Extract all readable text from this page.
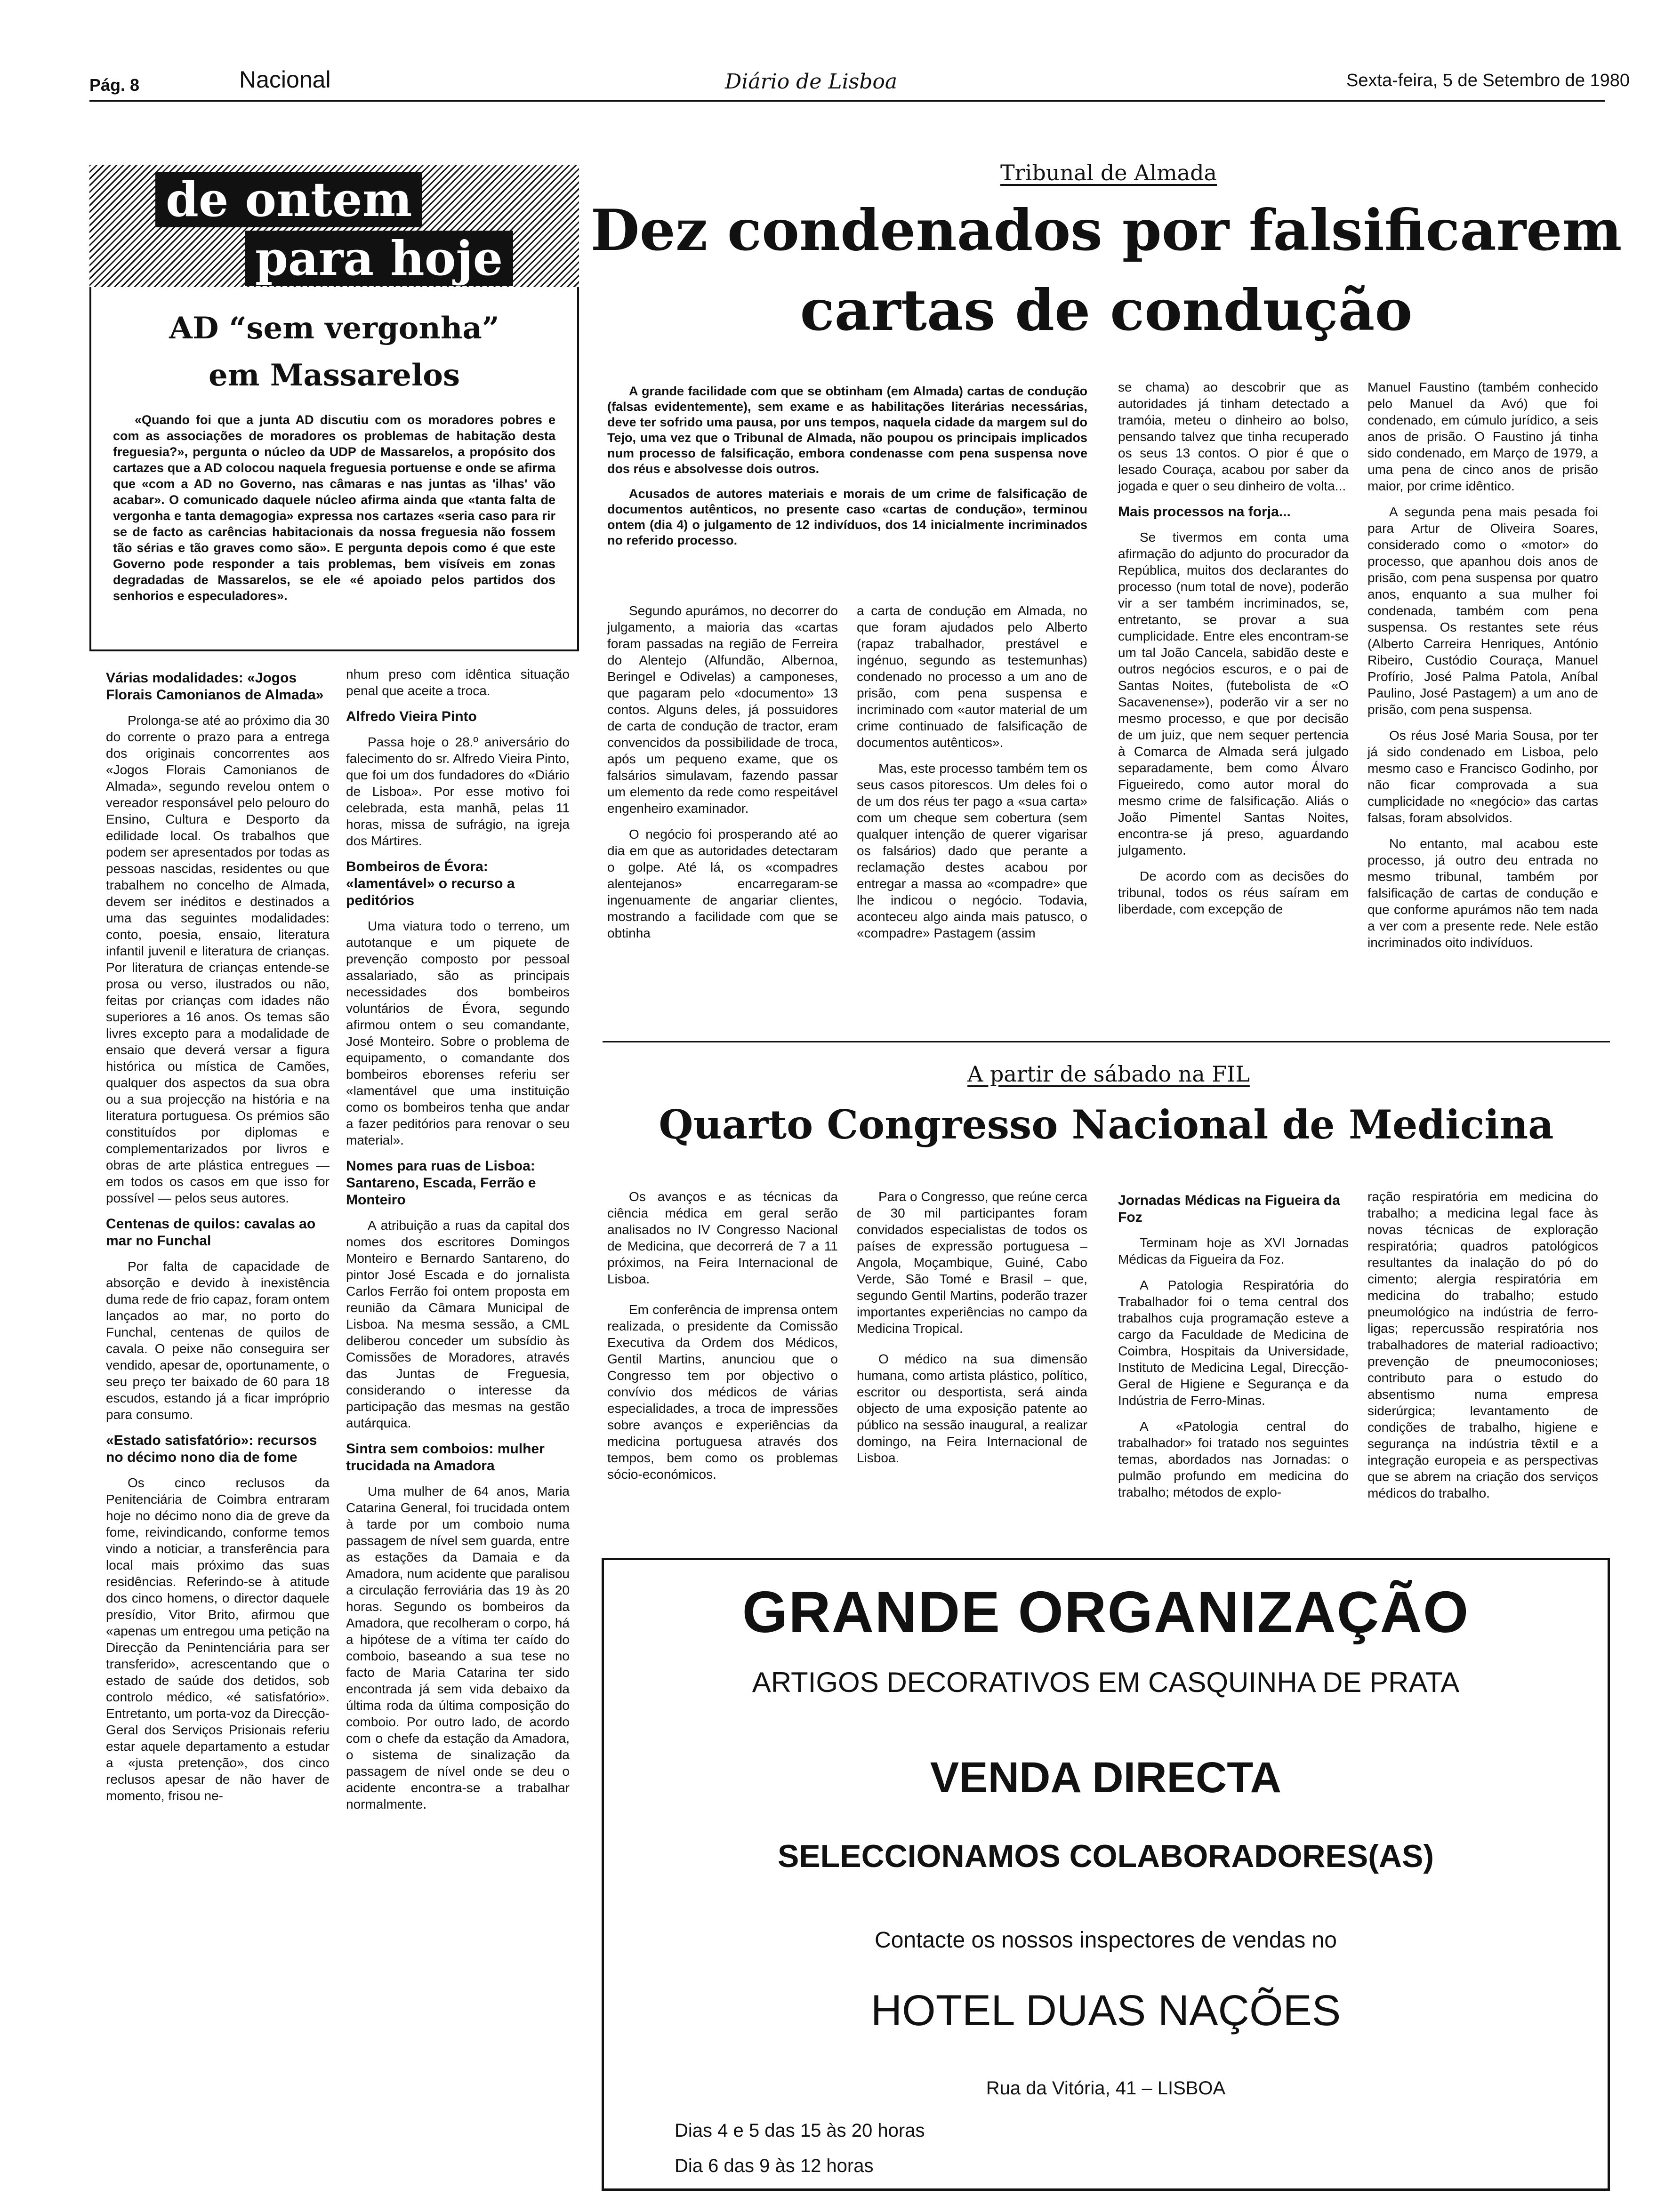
Pág. 8	Nacional	Diário de Lisboa	Sexta-feira, 5 de Setembro de 1980
de ontem
para hoje
AD “sem vergonha”
em Massarelos

«Quando foi que a junta AD discutiu com os moradores pobres e com as associações de moradores os problemas de habitação desta freguesia?», pergunta o núcleo da UDP de Massarelos, a propósito dos cartazes que a AD colocou naquela freguesia portuense e onde se afirma que «com a AD no Governo, nas câmaras e nas juntas as 'ilhas' vão acabar». O comunicado daquele núcleo afirma ainda que «tanta falta de vergonha e tanta demagogia» expressa nos cartazes «seria caso para rir se de facto as carências habitacionais da nossa freguesia não fossem tão sérias e tão graves como são». E pergunta depois como é que este Governo pode responder a tais problemas, bem visíveis em zonas degradadas de Massarelos, se ele «é apoiado pelos partidos dos senhorios e especuladores».

Várias modalidades: «Jogos Florais Camonianos de Almada»

Prolonga-se até ao próximo dia 30 do corrente o prazo para a entrega dos originais concorrentes aos «Jogos Florais Camonianos de Almada», segundo revelou ontem o vereador responsável pelo pelouro do Ensino, Cultura e Desporto da edilidade local. Os trabalhos que podem ser apresentados por todas as pessoas nascidas, residentes ou que trabalhem no concelho de Almada, devem ser inéditos e destinados a uma das seguintes modalidades: conto, poesia, ensaio, literatura infantil juvenil e literatura de crianças. Por literatura de crianças entende-se prosa ou verso, ilustrados ou não, feitas por crianças com idades não superiores a 16 anos. Os temas são livres excepto para a modalidade de ensaio que deverá versar a figura histórica ou mística de Camões, qualquer dos aspectos da sua obra ou a sua projecção na história e na literatura portuguesa. Os prémios são constituídos por diplomas e complementarizados por livros e obras de arte plástica entregues — em todos os casos em que isso for possível — pelos seus autores.

Centenas de quilos: cavalas ao mar no Funchal

Por falta de capacidade de absorção e devido à inexistência duma rede de frio capaz, foram ontem lançados ao mar, no porto do Funchal, centenas de quilos de cavala. O peixe não conseguira ser vendido, apesar de, oportunamente, o seu preço ter baixado de 60 para 18 escudos, estando já a ficar impróprio para consumo.

«Estado satisfatório»: recursos no décimo nono dia de fome

Os cinco reclusos da Penitenciária de Coimbra entraram hoje no décimo nono dia de greve da fome, reivindicando, conforme temos vindo a noticiar, a transferência para local mais próximo das suas residências. Referindo-se à atitude dos cinco homens, o director daquele presídio, Vitor Brito, afirmou que «apenas um entregou uma petição na Direcção da Penintenciária para ser transferido», acrescentando que o estado de saúde dos detidos, sob controlo médico, «é satisfatório». Entretanto, um porta-voz da Direcção-Geral dos Serviços Prisionais referiu estar aquele departamento a estudar a «justa pretenção», dos cinco reclusos apesar de não haver de momento, frisou ne-

nhum preso com idêntica situação penal que aceite a troca.

Alfredo Vieira Pinto

Passa hoje o 28.º aniversário do falecimento do sr. Alfredo Vieira Pinto, que foi um dos fundadores do «Diário de Lisboa». Por esse motivo foi celebrada, esta manhã, pelas 11 horas, missa de sufrágio, na igreja dos Mártires.

Bombeiros de Évora: «lamentável» o recurso a peditórios

Uma viatura todo o terreno, um autotanque e um piquete de prevenção composto por pessoal assalariado, são as principais necessidades dos bombeiros voluntários de Évora, segundo afirmou ontem o seu comandante, José Monteiro. Sobre o problema de equipamento, o comandante dos bombeiros eborenses referiu ser «lamentável que uma instituição como os bombeiros tenha que andar a fazer peditórios para renovar o seu material».

Nomes para ruas de Lisboa: Santareno, Escada, Ferrão e Monteiro

A atribuição a ruas da capital dos nomes dos escritores Domingos Monteiro e Bernardo Santareno, do pintor José Escada e do jornalista Carlos Ferrão foi ontem proposta em reunião da Câmara Municipal de Lisboa. Na mesma sessão, a CML deliberou conceder um subsídio às Comissões de Moradores, através das Juntas de Freguesia, considerando o interesse da participação das mesmas na gestão autárquica.

Sintra sem comboios: mulher trucidada na Amadora

Uma mulher de 64 anos, Maria Catarina General, foi trucidada ontem à tarde por um comboio numa passagem de nível sem guarda, entre as estações da Damaia e da Amadora, num acidente que paralisou a circulação ferroviária das 19 às 20 horas. Segundo os bombeiros da Amadora, que recolheram o corpo, há a hipótese de a vítima ter caído do comboio, baseando a sua tese no facto de Maria Catarina ter sido encontrada já sem vida debaixo da última roda da última composição do comboio. Por outro lado, de acordo com o chefe da estação da Amadora, o sistema de sinalização da passagem de nível onde se deu o acidente encontra-se a trabalhar normalmente.

Tribunal de Almada
Dez condenados por falsificarem
cartas de condução

A grande facilidade com que se obtinham (em Almada) cartas de condução (falsas evidentemente), sem exame e as habilitações literárias necessárias, deve ter sofrido uma pausa, por uns tempos, naquela cidade da margem sul do Tejo, uma vez que o Tribunal de Almada, não poupou os principais implicados num processo de falsificação, embora condenasse com pena suspensa nove dos réus e absolvesse dois outros.

Acusados de autores materiais e morais de um crime de falsificação de documentos autênticos, no presente caso «cartas de condução», terminou ontem (dia 4) o julgamento de 12 indivíduos, dos 14 inicialmente incriminados no referido processo.

Segundo apurámos, no decorrer do julgamento, a maioria das «cartas foram passadas na região de Ferreira do Alentejo (Alfundão, Albernoa, Beringel e Odivelas) a camponeses, que pagaram pelo «documento» 13 contos. Alguns deles, já possuidores de carta de condução de tractor, eram convencidos da possibilidade de troca, após um pequeno exame, que os falsários simulavam, fazendo passar um elemento da rede como respeitável engenheiro examinador.

O negócio foi prosperando até ao dia em que as autoridades detectaram o golpe. Até lá, os «compadres alentejanos» encarregaram-se ingenuamente de angariar clientes, mostrando a facilidade com que se obtinha

a carta de condução em Almada, no que foram ajudados pelo Alberto (rapaz trabalhador, prestável e ingénuo, segundo as testemunhas) condenado no processo a um ano de prisão, com pena suspensa e incriminado com «autor material de um crime continuado de falsificação de documentos autênticos».

Mas, este processo também tem os seus casos pitorescos. Um deles foi o de um dos réus ter pago a «sua carta» com um cheque sem cobertura (sem qualquer intenção de querer vigarisar os falsários) dado que perante a reclamação destes acabou por entregar a massa ao «compadre» que lhe indicou o negócio. Todavia, aconteceu algo ainda mais patusco, o «compadre» Pastagem (assim

se chama) ao descobrir que as autoridades já tinham detectado a tramóia, meteu o dinheiro ao bolso, pensando talvez que tinha recuperado os seus 13 contos. O pior é que o lesado Couraça, acabou por saber da jogada e quer o seu dinheiro de volta...

Mais processos na forja...

Se tivermos em conta uma afirmação do adjunto do procurador da República, muitos dos declarantes do processo (num total de nove), poderão vir a ser também incriminados, se, entretanto, se provar a sua cumplicidade. Entre eles encontram-se um tal João Cancela, sabidão deste e outros negócios escuros, e o pai de Santas Noites, (futebolista de «O Sacavenense»), poderão vir a ser no mesmo processo, e que por decisão de um juiz, que nem sequer pertencia à Comarca de Almada será julgado separadamente, bem como Álvaro Figueiredo, como autor moral do mesmo crime de falsificação. Aliás o João Pimentel Santas Noites, encontra-se já preso, aguardando julgamento.

De acordo com as decisões do tribunal, todos os réus saíram em liberdade, com excepção de

Manuel Faustino (também conhecido pelo Manuel da Avó) que foi condenado, em cúmulo jurídico, a seis anos de prisão. O Faustino já tinha sido condenado, em Março de 1979, a uma pena de cinco anos de prisão maior, por crime idêntico.

A segunda pena mais pesada foi para Artur de Oliveira Soares, considerado como o «motor» do processo, que apanhou dois anos de prisão, com pena suspensa por quatro anos, enquanto a sua mulher foi condenada, também com pena suspensa. Os restantes sete réus (Alberto Carreira Henriques, António Ribeiro, Custódio Couraça, Manuel Profírio, José Palma Patola, Aníbal Paulino, José Pastagem) a um ano de prisão, com pena suspensa.

Os réus José Maria Sousa, por ter já sido condenado em Lisboa, pelo mesmo caso e Francisco Godinho, por não ficar comprovada a sua cumplicidade no «negócio» das cartas falsas, foram absolvidos.

No entanto, mal acabou este processo, já outro deu entrada no mesmo tribunal, também por falsificação de cartas de condução e que conforme apurámos não tem nada a ver com a presente rede. Nele estão incriminados oito indivíduos.

A partir de sábado na FIL
Quarto Congresso Nacional de Medicina

Os avanços e as técnicas da ciência médica em geral serão analisados no IV Congresso Nacional de Medicina, que decorrerá de 7 a 11 próximos, na Feira Internacional de Lisboa.

Em conferência de imprensa ontem realizada, o presidente da Comissão Executiva da Ordem dos Médicos, Gentil Martins, anunciou que o Congresso tem por objectivo o convívio dos médicos de várias especialidades, a troca de impressões sobre avanços e experiências da medicina portuguesa através dos tempos, bem como os problemas sócio-económicos.

Para o Congresso, que reúne cerca de 30 mil participantes foram convidados especialistas de todos os países de expressão portuguesa – Angola, Moçambique, Guiné, Cabo Verde, São Tomé e Brasil – que, segundo Gentil Martins, poderão trazer importantes experiências no campo da Medicina Tropical.

O médico na sua dimensão humana, como artista plástico, político, escritor ou desportista, será ainda objecto de uma exposição patente ao público na sessão inaugural, a realizar domingo, na Feira Internacional de Lisboa.

Jornadas Médicas na Figueira da Foz

Terminam hoje as XVI Jornadas Médicas da Figueira da Foz.

A Patologia Respiratória do Trabalhador foi o tema central dos trabalhos cuja programação esteve a cargo da Faculdade de Medicina de Coimbra, Hospitais da Universidade, Instituto de Medicina Legal, Direcção-Geral de Higiene e Segurança e da Indústria de Ferro-Minas.

A «Patologia central do trabalhador» foi tratado nos seguintes temas, abordados nas Jornadas: o pulmão profundo em medicina do trabalho; métodos de explo-

ração respiratória em medicina do trabalho; a medicina legal face às novas técnicas de exploração respiratória; quadros patológicos resultantes da inalação do pó do cimento; alergia respiratória em medicina do trabalho; estudo pneumológico na indústria de ferro-ligas; repercussão respiratória nos trabalhadores de material radioactivo; prevenção de pneumoconioses; contributo para o estudo do absentismo numa empresa siderúrgica; levantamento de condições de trabalho, higiene e segurança na indústria têxtil e a integração europeia e as perspectivas que se abrem na criação dos serviços médicos do trabalho.

GRANDE ORGANIZAÇÃO
ARTIGOS DECORATIVOS EM CASQUINHA DE PRATA
VENDA DIRECTA
SELECCIONAMOS COLABORADORES(AS)
Contacte os nossos inspectores de vendas no
HOTEL DUAS NAÇÕES
Rua da Vitória, 41 – LISBOA
Dias 4 e 5 das 15 às 20 horas
Dia 6 das 9 às 12 horas
